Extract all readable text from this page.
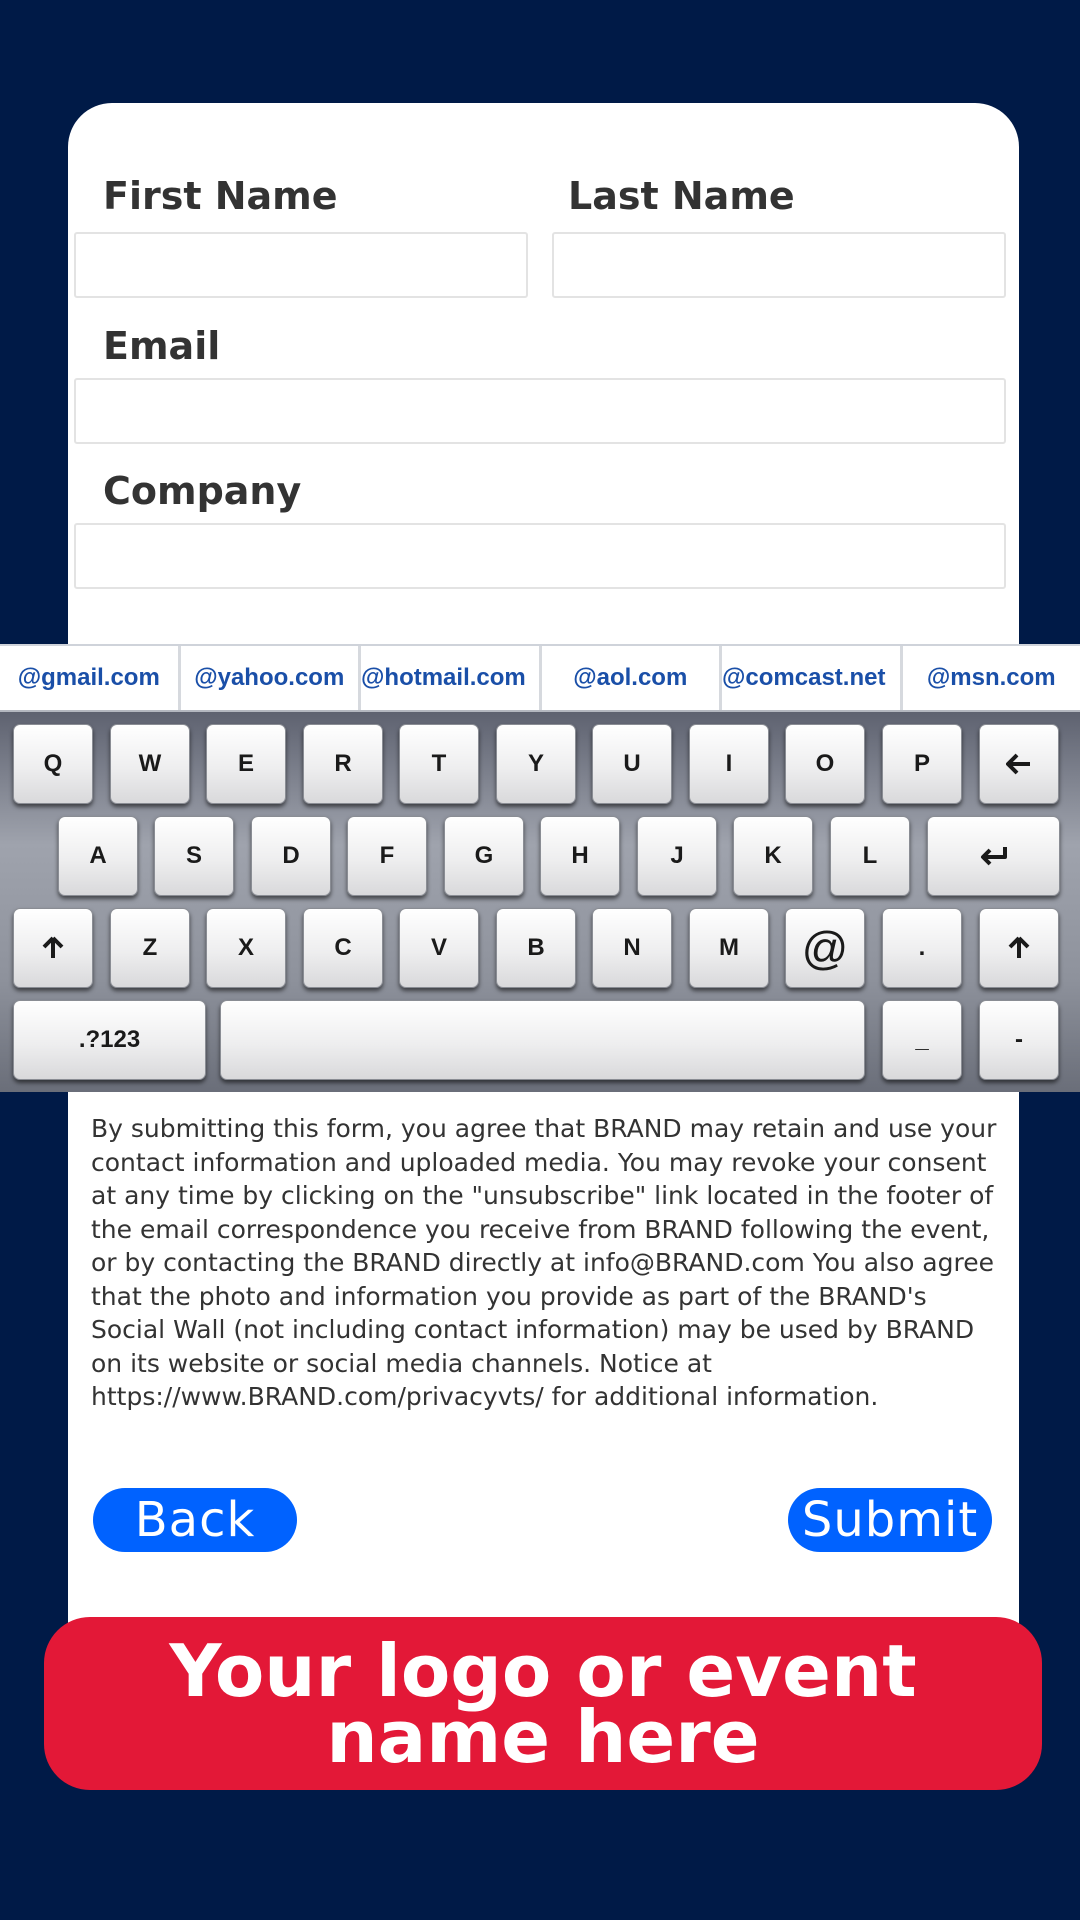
First Name	Last Name
Email
Company
@gmail.com	@yahoo.com @hotmail.com	@aol.com	@comcast.net	@msn.com
Q	W	E	R	T	Y	U	I	O	P
A	S	D	F	G	H	J	K	L
Z	X	C	V	B	N	M	@	.
.?123	_	-
By submitting this form, you agree that BRAND may retain and use your contact information and uploaded media. You may revoke your consent at any time by clicking on the "unsubscribe" link located in the footer of the email correspondence you receive from BRAND following the event, or by contacting the BRAND directly at info@BRAND.com You also agree that the photo and information you provide as part of the BRAND's Social Wall (not including contact information) may be used by BRAND on its website or social media channels. Notice at https://www.BRAND.com/privacyvts/ for additional information.
Back	Submit
Your logo or event name here
